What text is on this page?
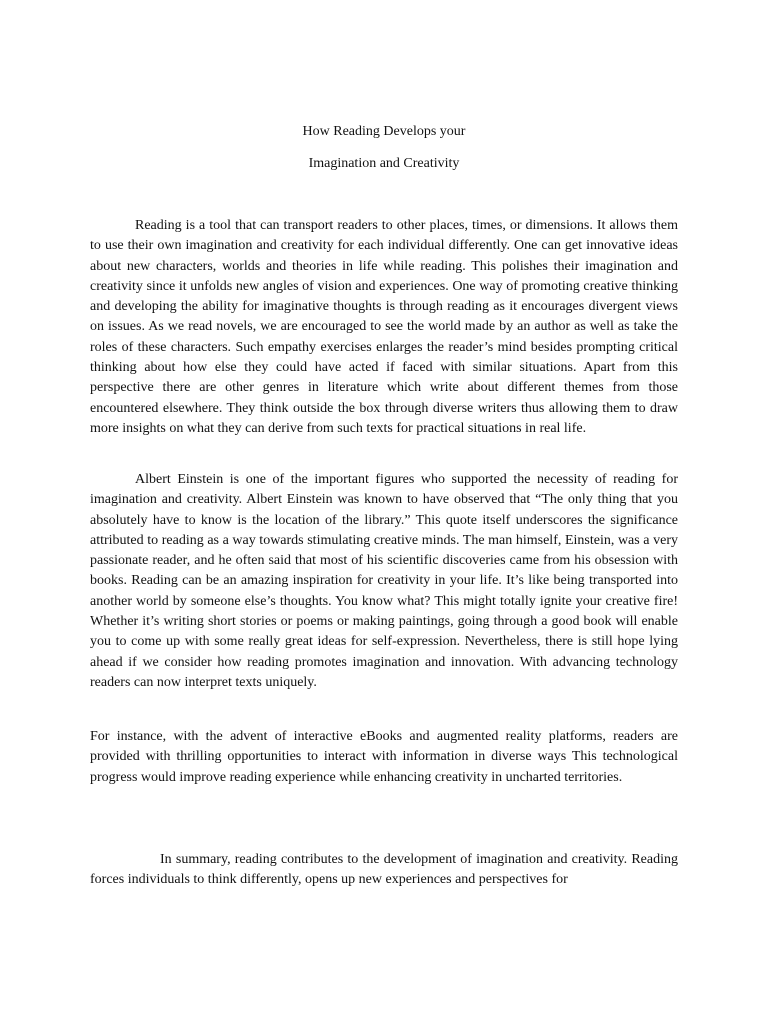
How Reading Develops your
Imagination and Creativity

Reading is a tool that can transport readers to other places, times, or dimensions. It allows them to use their own imagination and creativity for each individual differently. One can get innovative ideas about new characters, worlds and theories in life while reading. This polishes their imagination and creativity since it unfolds new angles of vision and experiences. One way of promoting creative thinking and developing the ability for imaginative thoughts is through reading as it encourages divergent views on issues. As we read novels, we are encouraged to see the world made by an author as well as take the roles of these characters. Such empathy exercises enlarges the reader’s mind besides prompting critical thinking about how else they could have acted if faced with similar situations. Apart from this perspective there are other genres in literature which write about different themes from those encountered elsewhere. They think outside the box through diverse writers thus allowing them to draw more insights on what they can derive from such texts for practical situations in real life.

Albert Einstein is one of the important figures who supported the necessity of reading for imagination and creativity. Albert Einstein was known to have observed that “The only thing that you absolutely have to know is the location of the library.” This quote itself underscores the significance attributed to reading as a way towards stimulating creative minds. The man himself, Einstein, was a very passionate reader, and he often said that most of his scientific discoveries came from his obsession with books. Reading can be an amazing inspiration for creativity in your life. It’s like being transported into another world by someone else’s thoughts. You know what? This might totally ignite your creative fire! Whether it’s writing short stories or poems or making paintings, going through a good book will enable you to come up with some really great ideas for self-expression. Nevertheless, there is still hope lying ahead if we consider how reading promotes imagination and innovation. With advancing technology readers can now interpret texts uniquely.

For instance, with the advent of interactive eBooks and augmented reality platforms, readers are provided with thrilling opportunities to interact with information in diverse ways This technological progress would improve reading experience while enhancing creativity in uncharted territories.

In summary, reading contributes to the development of imagination and creativity. Reading forces individuals to think differently, opens up new experiences and perspectives for
